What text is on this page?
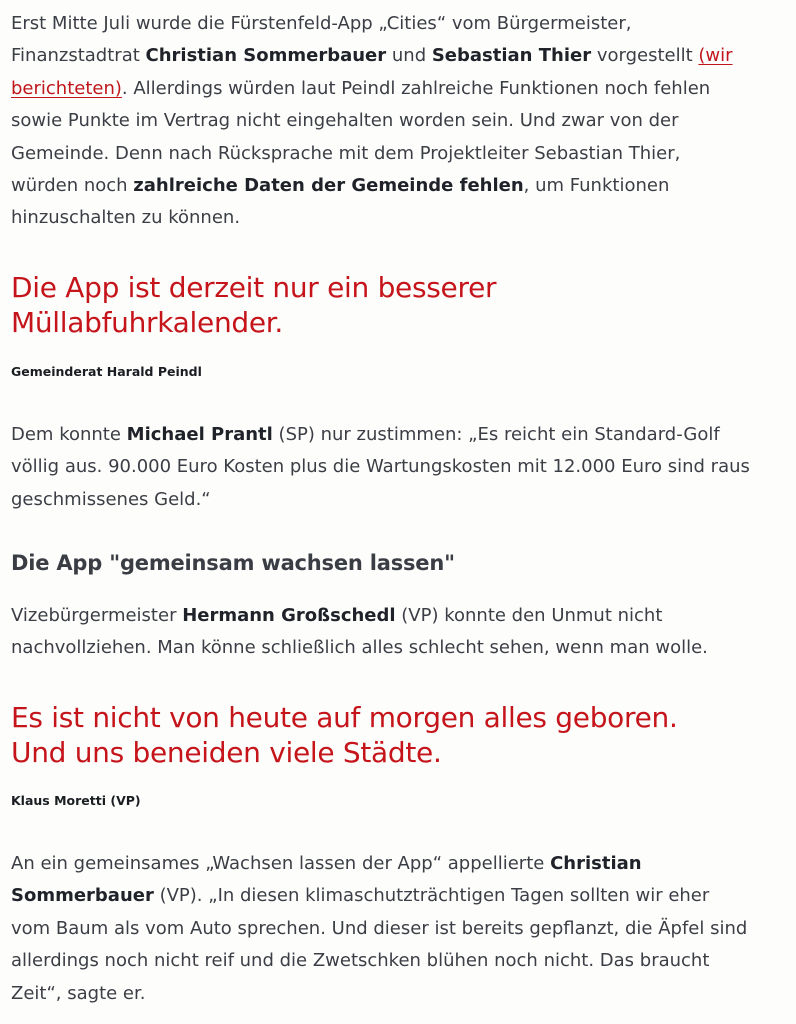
Erst Mitte Juli wurde die Fürstenfeld-App „Cities“ vom Bürgermeister, Finanzstadtrat Christian Sommerbauer und Sebastian Thier vorgestellt (wir berichteten). Allerdings würden laut Peindl zahlreiche Funktionen noch fehlen sowie Punkte im Vertrag nicht eingehalten worden sein. Und zwar von der Gemeinde. Denn nach Rücksprache mit dem Projektleiter Sebastian Thier, würden noch zahlreiche Daten der Gemeinde fehlen, um Funktionen hinzuschalten zu können.

Die App ist derzeit nur ein besserer Müllabfuhrkalender.

Gemeinderat Harald Peindl

Dem konnte Michael Prantl (SP) nur zustimmen: „Es reicht ein Standard-Golf völlig aus. 90.000 Euro Kosten plus die Wartungskosten mit 12.000 Euro sind raus geschmissenes Geld.“

Die App "gemeinsam wachsen lassen"

Vizebürgermeister Hermann Großschedl (VP) konnte den Unmut nicht nachvollziehen. Man könne schließlich alles schlecht sehen, wenn man wolle.

Es ist nicht von heute auf morgen alles geboren. Und uns beneiden viele Städte.

Klaus Moretti (VP)

An ein gemeinsames „Wachsen lassen der App“ appellierte Christian Sommerbauer (VP). „In diesen klimaschutzträchtigen Tagen sollten wir eher vom Baum als vom Auto sprechen. Und dieser ist bereits gepflanzt, die Äpfel sind allerdings noch nicht reif und die Zwetschken blühen noch nicht. Das braucht Zeit“, sagte er.
